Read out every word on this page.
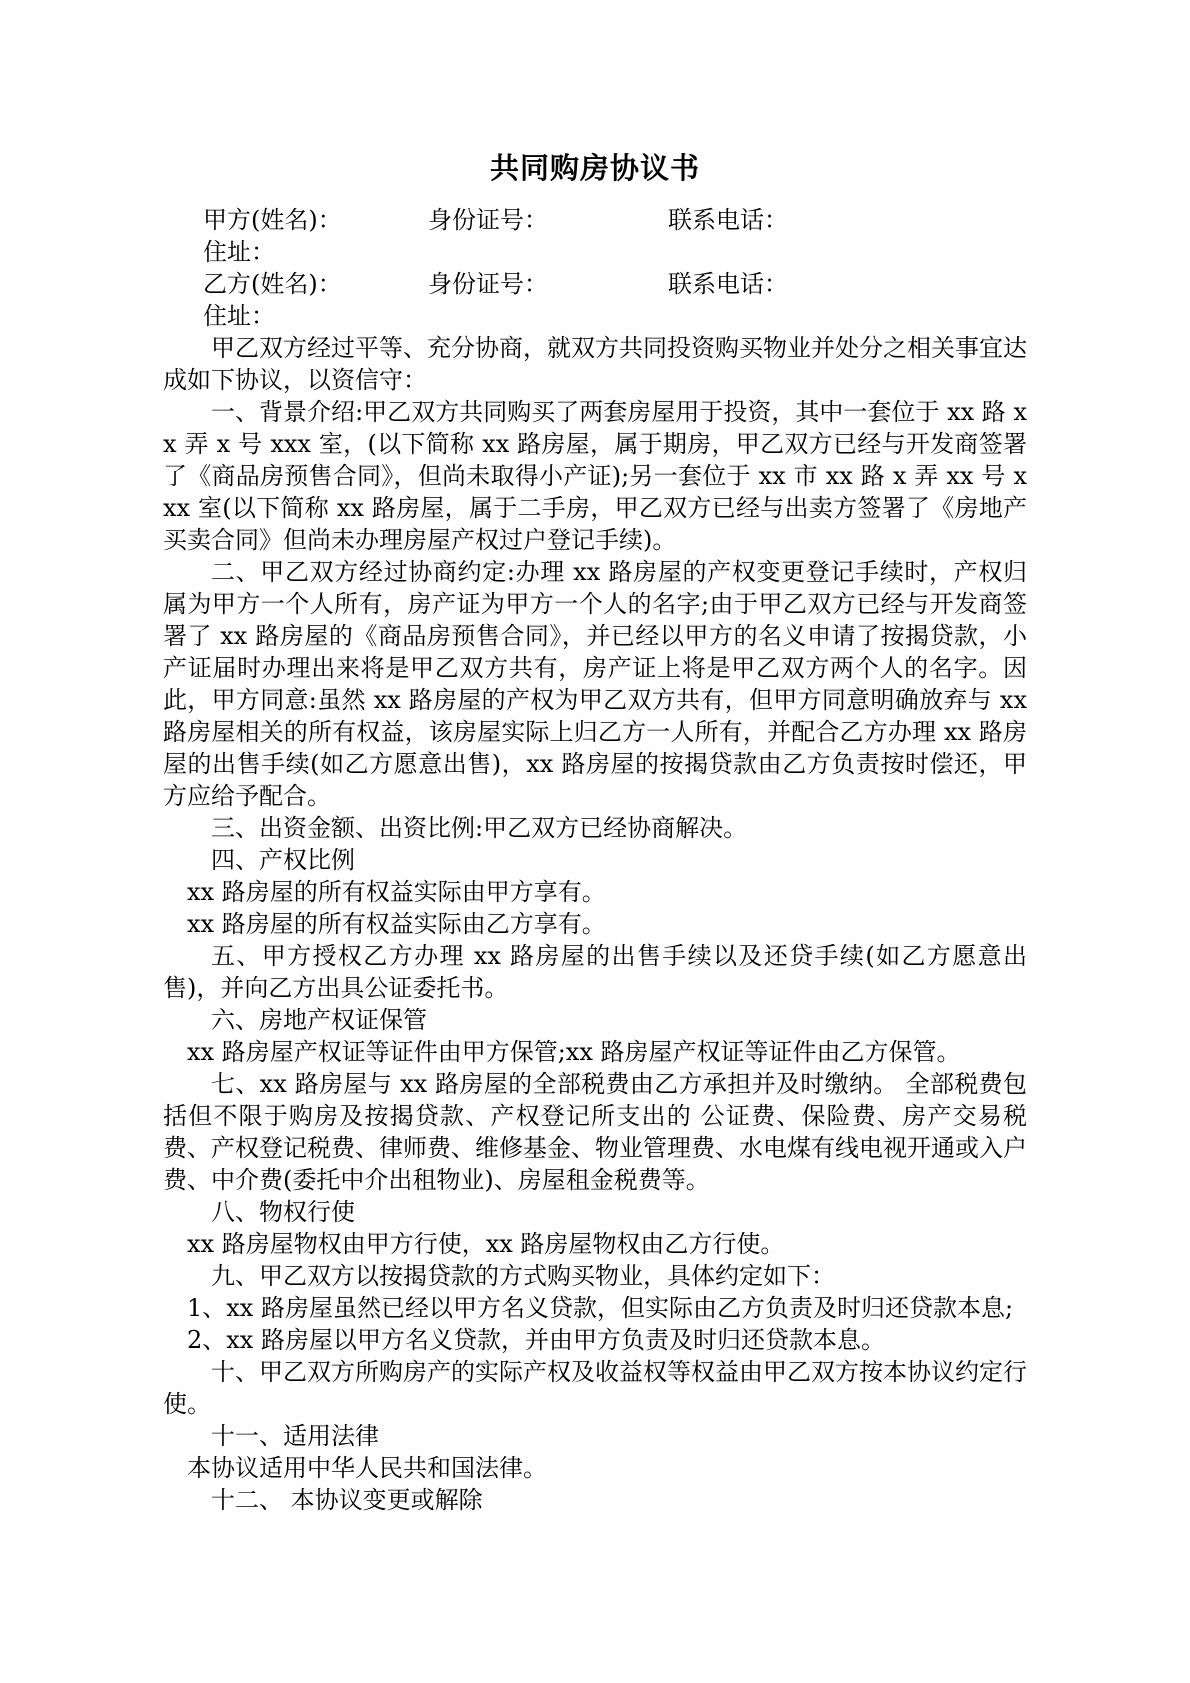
共同购房协议书
甲方(姓名)：	身份证号：	联系电话：
住址：
乙方(姓名)：	身份证号：	联系电话：
住址：

甲乙双方经过平等、充分协商，就双方共同投资购买物业并处分之相关事宜达成如下协议，以资信守：

一、背景介绍:甲乙双方共同购买了两套房屋用于投资，其中一套位于 xx 路 xx 弄 x 号 xxx 室，(以下简称 xx 路房屋，属于期房，甲乙双方已经与开发商签署了《商品房预售合同》，但尚未取得小产证);另一套位于 xx 市 xx 路 x 弄 xx 号 xxx 室(以下简称 xx 路房屋，属于二手房，甲乙双方已经与出卖方签署了《房地产买卖合同》但尚未办理房屋产权过户登记手续)。

二、甲乙双方经过协商约定:办理 xx 路房屋的产权变更登记手续时，产权归属为甲方一个人所有，房产证为甲方一个人的名字;由于甲乙双方已经与开发商签署了 xx 路房屋的《商品房预售合同》，并已经以甲方的名义申请了按揭贷款，小产证届时办理出来将是甲乙双方共有，房产证上将是甲乙双方两个人的名字。因此，甲方同意:虽然 xx 路房屋的产权为甲乙双方共有，但甲方同意明确放弃与 xx 路房屋相关的所有权益，该房屋实际上归乙方一人所有，并配合乙方办理 xx 路房屋的出售手续(如乙方愿意出售)，xx 路房屋的按揭贷款由乙方负责按时偿还，甲方应给予配合。

三、出资金额、出资比例:甲乙双方已经协商解决。

四、产权比例

xx 路房屋的所有权益实际由甲方享有。

xx 路房屋的所有权益实际由乙方享有。

五、甲方授权乙方办理 xx 路房屋的出售手续以及还贷手续(如乙方愿意出售)，并向乙方出具公证委托书。

六、房地产权证保管

xx 路房屋产权证等证件由甲方保管;xx 路房屋产权证等证件由乙方保管。

七、xx 路房屋与 xx 路房屋的全部税费由乙方承担并及时缴纳。 全部税费包括但不限于购房及按揭贷款、产权登记所支出的 公证费、保险费、房产交易税费、产权登记税费、律师费、维修基金、物业管理费、水电煤有线电视开通或入户费、中介费(委托中介出租物业)、房屋租金税费等。

八、物权行使

xx 路房屋物权由甲方行使，xx 路房屋物权由乙方行使。

九、甲乙双方以按揭贷款的方式购买物业，具体约定如下：

1、xx 路房屋虽然已经以甲方名义贷款，但实际由乙方负责及时归还贷款本息;

2、xx 路房屋以甲方名义贷款，并由甲方负责及时归还贷款本息。

十、甲乙双方所购房产的实际产权及收益权等权益由甲乙双方按本协议约定行使。

十一、适用法律

本协议适用中华人民共和国法律。

十二、 本协议变更或解除
